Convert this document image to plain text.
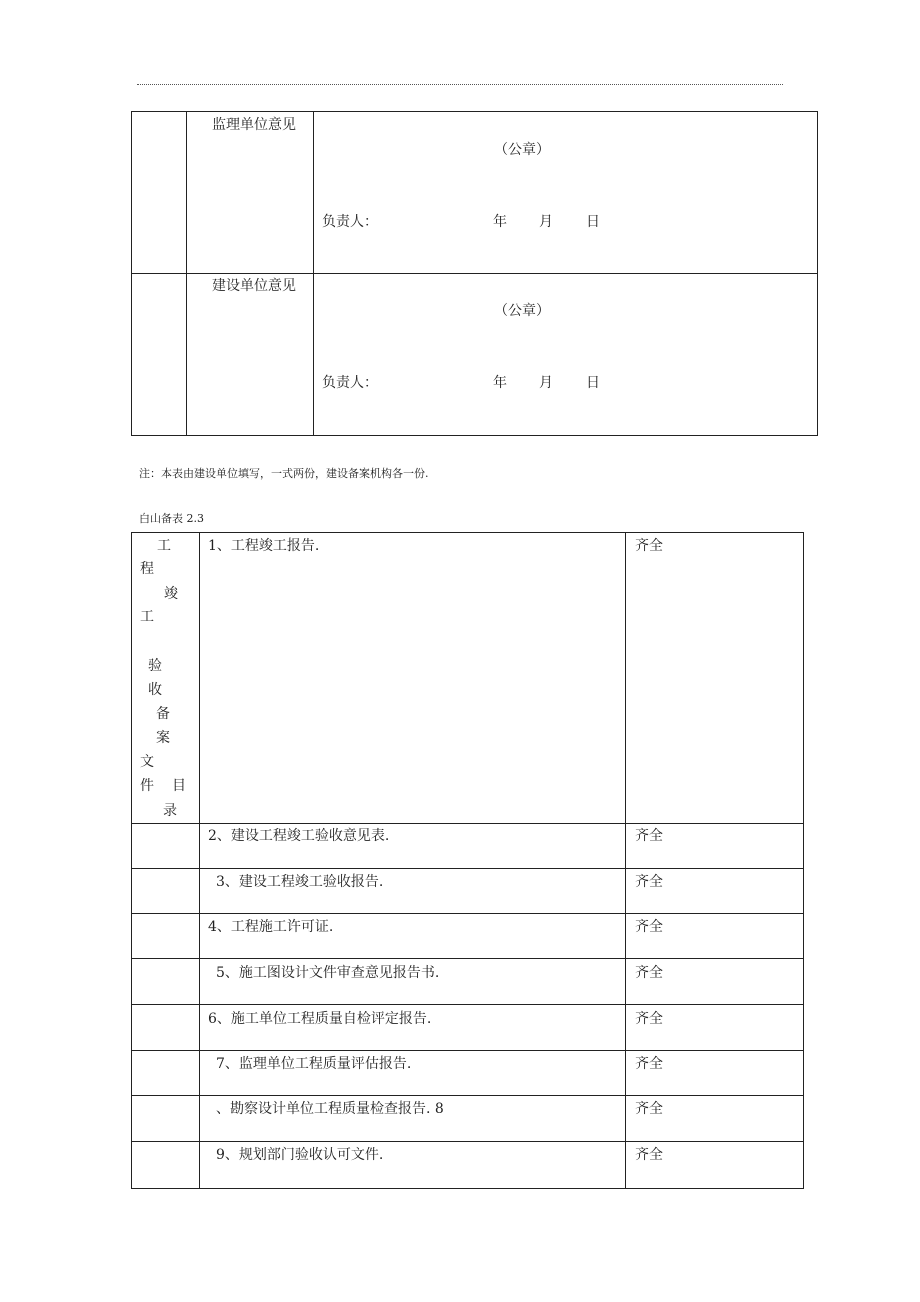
监理单位意见
（公章）
负责人：	年 月 日
建设单位意见
（公章）
负责人：	年 月 日
注：本表由建设单位填写，一式两份，建设备案机构各一份.
白山备表 2.3
工
程
竣
工
验
收
备
案
文
件 目
录
1、工程竣工报告.	齐全
2、建设工程竣工验收意见表.	齐全
3、建设工程竣工验收报告.	齐全
4、工程施工许可证.	齐全
5、施工图设计文件审查意见报告书.	齐全
6、施工单位工程质量自检评定报告.	齐全
7、监理单位工程质量评估报告.	齐全
、勘察设计单位工程质量检查报告. 8	齐全
9、规划部门验收认可文件.	齐全
